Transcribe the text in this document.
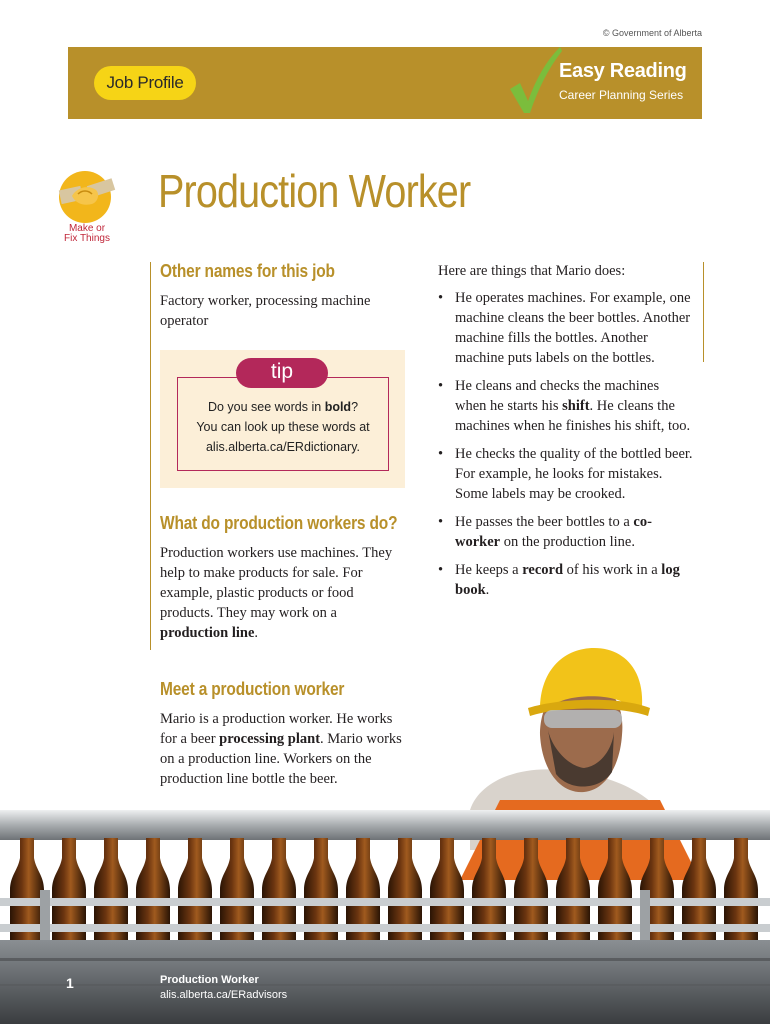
© Government of Alberta
Job Profile
Easy Reading
Career Planning Series
Make or
Fix Things
Production Worker
Other names for this job
Factory worker, processing machine operator
tip
Do you see words in bold?
You can look up these words at
alis.alberta.ca/ERdictionary.
What do production workers do?
Production workers use machines. They help to make products for sale. For example, plastic products or food products. They may work on a production line.
Meet a production worker
Mario is a production worker. He works for a beer processing plant. Mario works on a production line. Workers on the production line bottle the beer.
Here are things that Mario does:
• He operates machines. For example, one machine cleans the beer bottles. Another machine fills the bottles. Another machine puts labels on the bottles.
• He cleans and checks the machines when he starts his shift. He cleans the machines when he finishes his shift, too.
• He checks the quality of the bottled beer. For example, he looks for mistakes. Some labels may be crooked.
• He passes the beer bottles to a co-worker on the production line.
• He keeps a record of his work in a log book.
1	Production Worker
alis.alberta.ca/ERadvisors
